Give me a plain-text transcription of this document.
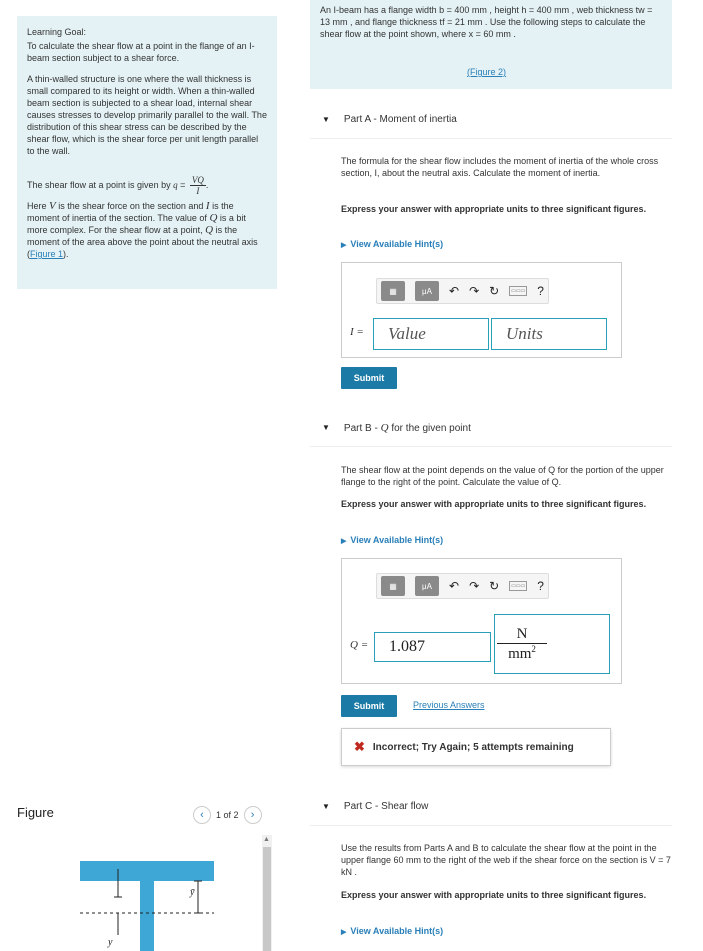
Learning Goal:

To calculate the shear flow at a point in the flange of an I-beam section subject to a shear force.

A thin-walled structure is one where the wall thickness is small compared to its height or width. When a thin-walled beam section is subjected to a shear load, internal shear causes stresses to develop primarily parallel to the wall. The distribution of this shear stress can be described by the shear flow, which is the shear force per unit length parallel to the wall.

The shear flow at a point is given by $q = \frac{VQ}{I}$ .

Here V is the shear force on the section and I is the moment of inertia of the section. The value of Q is a bit more complex. For the shear flow at a point, Q is the moment of the area above the point about the neutral axis (Figure 1).

Figure	‹	1 of 2	›
▲
ȳ
y
An I-beam has a flange width b = 400 mm , height h = 400 mm , web thickness tw = 13 mm , and flange thickness tf = 21 mm . Use the following steps to calculate the shear flow at the point shown, where x = 60 mm .
(Figure 2)
▼ Part A - Moment of inertia
The formula for the shear flow includes the moment of inertia of the whole cross section, I, about the neutral axis. Calculate the moment of inertia.
Express your answer with appropriate units to three significant figures.
▶ View Available Hint(s)
▦	μA ↶ ↷ ↻	▭▭▭ ?
I =	Value	Units
Submit
▼ Part B - Q for the given point
The shear flow at the point depends on the value of Q for the portion of the upper flange to the right of the point. Calculate the value of Q.
Express your answer with appropriate units to three significant figures.
▶ View Available Hint(s)
▦	μA ↶ ↷ ↻	▭▭▭ ?
Q =	1.087	$\frac{N}{mm^2}$
Submit	Previous Answers
✖ Incorrect; Try Again; 5 attempts remaining
▼ Part C - Shear flow
Use the results from Parts A and B to calculate the shear flow at the point in the upper flange 60 mm to the right of the web if the shear force on the section is V = 7 kN .
Express your answer with appropriate units to three significant figures.
▶ View Available Hint(s)
